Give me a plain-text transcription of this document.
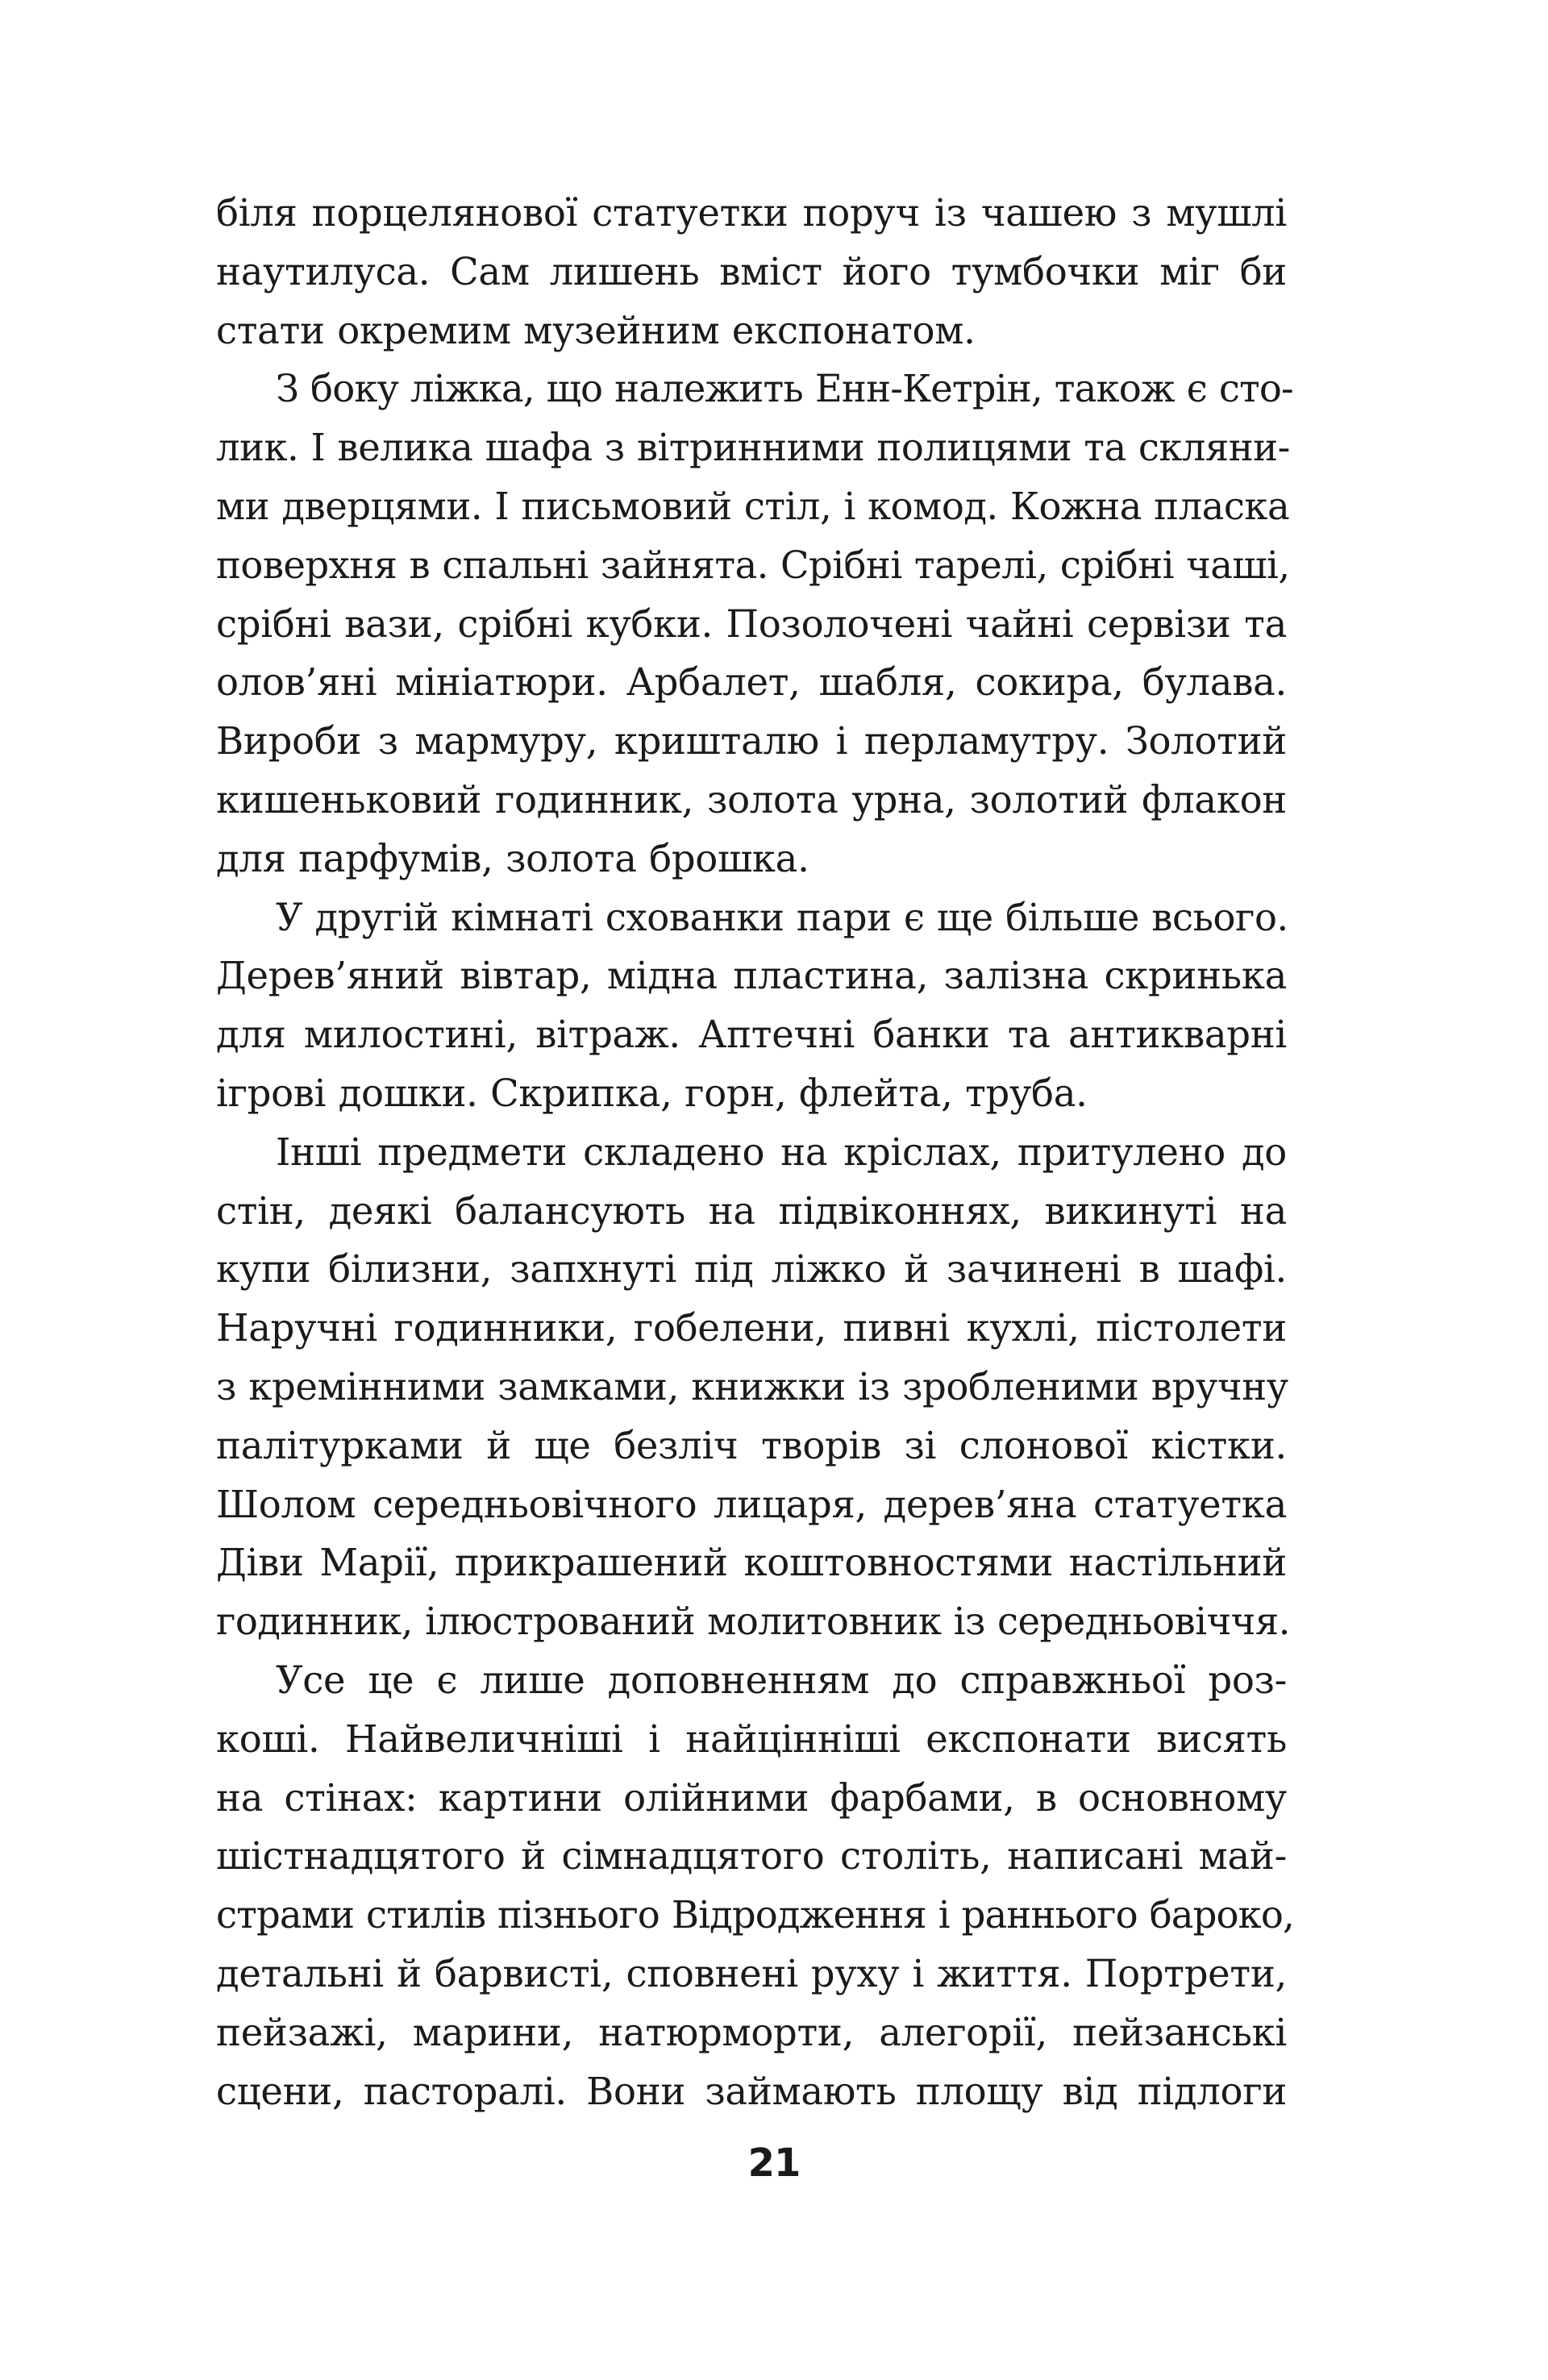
біля порцелянової статуетки поруч із чашею з мушлі
наутилуса. Сам лишень вміст його тумбочки міг би
стати окремим музейним експонатом.
З боку ліжка, що належить Енн-Кетрін, також є сто-
лик. І велика шафа з вітринними полицями та скляни-
ми дверцями. І письмовий стіл, і комод. Кожна пласка
поверхня в спальні зайнята. Срібні тарелі, срібні чаші,
срібні вази, срібні кубки. Позолочені чайні сервізи та
олов’яні мініатюри. Арбалет, шабля, сокира, булава.
Вироби з мармуру, кришталю і перламутру. Золотий
кишеньковий годинник, золота урна, золотий флакон
для парфумів, золота брошка.
У другій кімнаті схованки пари є ще більше всього.
Дерев’яний вівтар, мідна пластина, залізна скринька
для милостині, вітраж. Аптечні банки та антикварні
ігрові дошки. Скрипка, горн, флейта, труба.
Інші предмети складено на кріслах, притулено до
стін, деякі балансують на підвіконнях, викинуті на
купи білизни, запхнуті під ліжко й зачинені в шафі.
Наручні годинники, гобелени, пивні кухлі, пістолети
з кремінними замками, книжки із зробленими вручну
палітурками й ще безліч творів зі слонової кістки.
Шолом середньовічного лицаря, дерев’яна статуетка
Діви Марії, прикрашений коштовностями настільний
годинник, ілюстрований молитовник із середньовіччя.
Усе це є лише доповненням до справжньої роз-
коші. Найвеличніші і найцінніші експонати висять
на стінах: картини олійними фарбами, в основному
шістнадцятого й сімнадцятого століть, написані май-
страми стилів пізнього Відродження і раннього бароко,
детальні й барвисті, сповнені руху і життя. Портрети,
пейзажі, марини, натюрморти, алегорії, пейзанські
сцени, пасторалі. Вони займають площу від підлоги
21
